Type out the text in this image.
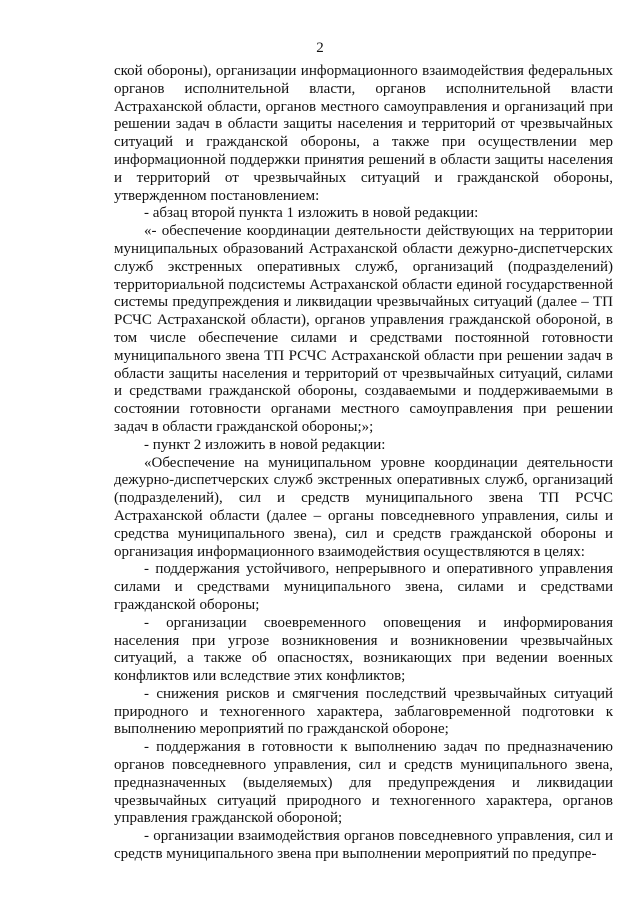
2

ской обороны), организации информационного взаимодействия федеральных органов исполнительной власти, органов исполнительной власти Астраханской области, органов местного самоуправления и организаций при решении задач в области защиты населения и территорий от чрезвычайных ситуаций и гражданской обороны, а также при осуществлении мер информационной поддержки принятия решений в области защиты населения и территорий от чрезвычайных ситуаций и гражданской обороны, утвержденном постановлением:

- абзац второй пункта 1 изложить в новой редакции:

«- обеспечение координации деятельности действующих на территории муниципальных образований Астраханской области дежурно-диспетчерских служб экстренных оперативных служб, организаций (подразделений) территориальной подсистемы Астраханской области единой государственной системы предупреждения и ликвидации чрезвычайных ситуаций (далее – ТП РСЧС Астраханской области), органов управления гражданской обороной, в том числе обеспечение силами и средствами постоянной готовности муниципального звена ТП РСЧС Астраханской области при решении задач в области защиты населения и территорий от чрезвычайных ситуаций, силами и средствами гражданской обороны, создаваемыми и поддерживаемыми в состоянии готовности органами местного самоуправления при решении задач в области гражданской обороны;»;

- пункт 2 изложить в новой редакции:

«Обеспечение на муниципальном уровне координации деятельности дежурно-диспетчерских служб экстренных оперативных служб, организаций (подразделений), сил и средств муниципального звена ТП РСЧС Астраханской области (далее – органы повседневного управления, силы и средства муниципального звена), сил и средств гражданской обороны и организация информационного взаимодействия осуществляются в целях:

- поддержания устойчивого, непрерывного и оперативного управления силами и средствами муниципального звена, силами и средствами гражданской обороны;

- организации своевременного оповещения и информирования населения при угрозе возникновения и возникновении чрезвычайных ситуаций, а также об опасностях, возникающих при ведении военных конфликтов или вследствие этих конфликтов;

- снижения рисков и смягчения последствий чрезвычайных ситуаций природного и техногенного характера, заблаговременной подготовки к выполнению мероприятий по гражданской обороне;

- поддержания в готовности к выполнению задач по предназначению органов повседневного управления, сил и средств муниципального звена, предназначенных (выделяемых) для предупреждения и ликвидации чрезвычайных ситуаций природного и техногенного характера, органов управления гражданской обороной;

- организации взаимодействия органов повседневного управления, сил и средств муниципального звена при выполнении мероприятий по предупре-
